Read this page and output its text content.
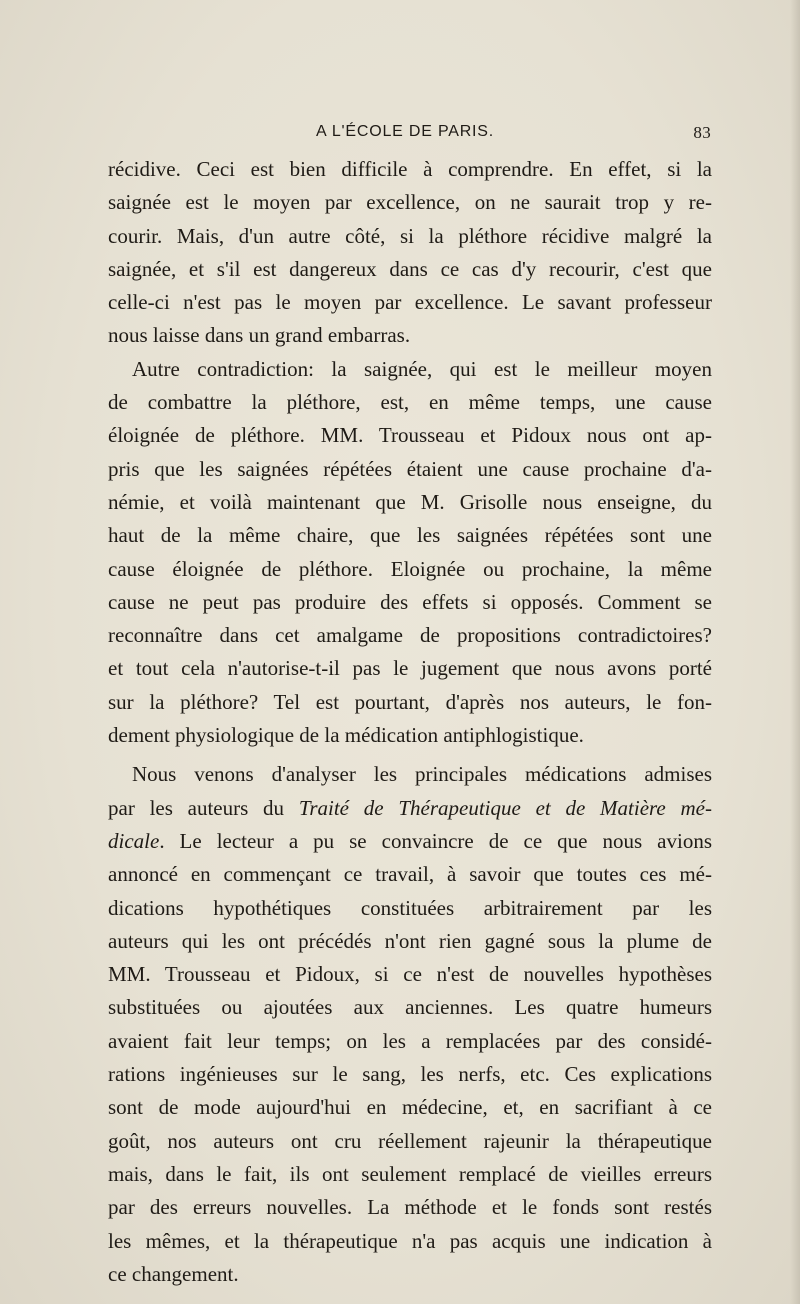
A L'ÉCOLE DE PARIS.	83
récidive. Ceci est bien difficile à comprendre. En effet, si la
saignée est le moyen par excellence, on ne saurait trop y re-
courir. Mais, d'un autre côté, si la pléthore récidive malgré la
saignée, et s'il est dangereux dans ce cas d'y recourir, c'est que
celle-ci n'est pas le moyen par excellence. Le savant professeur
nous laisse dans un grand embarras.
Autre contradiction: la saignée, qui est le meilleur moyen
de combattre la pléthore, est, en même temps, une cause
éloignée de pléthore. MM. Trousseau et Pidoux nous ont ap-
pris que les saignées répétées étaient une cause prochaine d'a-
némie, et voilà maintenant que M. Grisolle nous enseigne, du
haut de la même chaire, que les saignées répétées sont une
cause éloignée de pléthore. Eloignée ou prochaine, la même
cause ne peut pas produire des effets si opposés. Comment se
reconnaître dans cet amalgame de propositions contradictoires?
et tout cela n'autorise-t-il pas le jugement que nous avons porté
sur la pléthore? Tel est pourtant, d'après nos auteurs, le fon-
dement physiologique de la médication antiphlogistique.
Nous venons d'analyser les principales médications admises
par les auteurs du Traité de Thérapeutique et de Matière mé-
dicale. Le lecteur a pu se convaincre de ce que nous avions
annoncé en commençant ce travail, à savoir que toutes ces mé-
dications hypothétiques constituées arbitrairement par les
auteurs qui les ont précédés n'ont rien gagné sous la plume de
MM. Trousseau et Pidoux, si ce n'est de nouvelles hypothèses
substituées ou ajoutées aux anciennes. Les quatre humeurs
avaient fait leur temps; on les a remplacées par des considé-
rations ingénieuses sur le sang, les nerfs, etc. Ces explications
sont de mode aujourd'hui en médecine, et, en sacrifiant à ce
goût, nos auteurs ont cru réellement rajeunir la thérapeutique
mais, dans le fait, ils ont seulement remplacé de vieilles erreurs
par des erreurs nouvelles. La méthode et le fonds sont restés
les mêmes, et la thérapeutique n'a pas acquis une indication à
ce changement.
